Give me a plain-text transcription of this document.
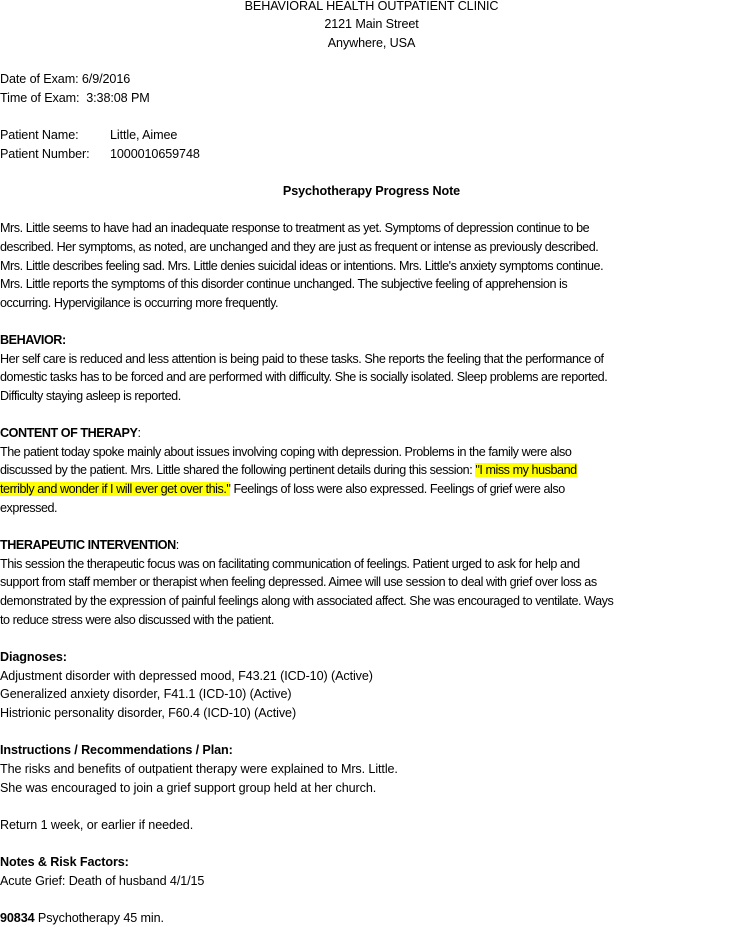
BEHAVIORAL HEALTH OUTPATIENT CLINIC
2121 Main Street
Anywhere, USA
Date of Exam: 6/9/2016
Time of Exam: 3:38:08 PM
Patient Name:	Little, Aimee
Patient Number: 1000010659748
Psychotherapy Progress Note
Mrs. Little seems to have had an inadequate response to treatment as yet. Symptoms of depression continue to be
described. Her symptoms, as noted, are unchanged and they are just as frequent or intense as previously described.
Mrs. Little describes feeling sad. Mrs. Little denies suicidal ideas or intentions. Mrs. Little's anxiety symptoms continue.
Mrs. Little reports the symptoms of this disorder continue unchanged. The subjective feeling of apprehension is
occurring. Hypervigilance is occurring more frequently.
BEHAVIOR:
Her self care is reduced and less attention is being paid to these tasks. She reports the feeling that the performance of
domestic tasks has to be forced and are performed with difficulty. She is socially isolated. Sleep problems are reported.
Difficulty staying asleep is reported.
CONTENT OF THERAPY:
The patient today spoke mainly about issues involving coping with depression. Problems in the family were also
discussed by the patient. Mrs. Little shared the following pertinent details during this session: "I miss my husband
terribly and wonder if I will ever get over this." Feelings of loss were also expressed. Feelings of grief were also
expressed.
THERAPEUTIC INTERVENTION:
This session the therapeutic focus was on facilitating communication of feelings. Patient urged to ask for help and
support from staff member or therapist when feeling depressed. Aimee will use session to deal with grief over loss as
demonstrated by the expression of painful feelings along with associated affect. She was encouraged to ventilate. Ways
to reduce stress were also discussed with the patient.
Diagnoses:
Adjustment disorder with depressed mood, F43.21 (ICD-10) (Active)
Generalized anxiety disorder, F41.1 (ICD-10) (Active)
Histrionic personality disorder, F60.4 (ICD-10) (Active)
Instructions / Recommendations / Plan:
The risks and benefits of outpatient therapy were explained to Mrs. Little.
She was encouraged to join a grief support group held at her church.
Return 1 week, or earlier if needed.
Notes & Risk Factors:
Acute Grief: Death of husband 4/1/15
90834 Psychotherapy 45 min.
